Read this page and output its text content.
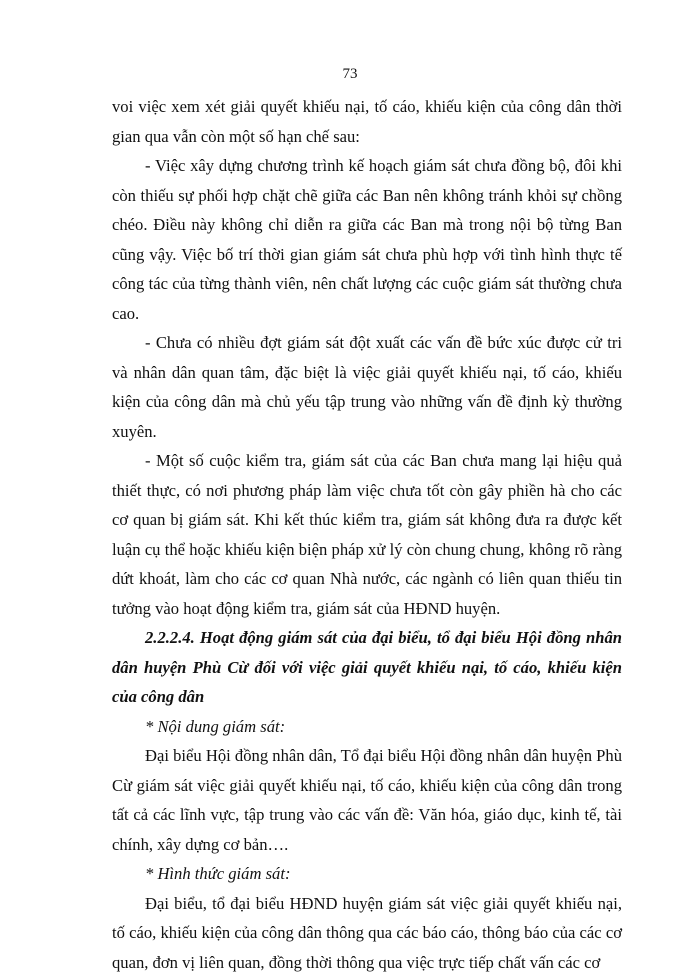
73

voi việc xem xét giải quyết khiếu nại, tố cáo, khiếu kiện của công dân thời gian qua vẫn còn một số hạn chế sau:

- Việc xây dựng chương trình kế hoạch giám sát chưa đồng bộ, đôi khi còn thiếu sự phối hợp chặt chẽ giữa các Ban nên không tránh khỏi sự chồng chéo. Điều này không chỉ diễn ra giữa các Ban mà trong nội bộ từng Ban cũng vậy. Việc bố trí thời gian giám sát chưa phù hợp với tình hình thực tế công tác của từng thành viên, nên chất lượng các cuộc giám sát thường chưa cao.

- Chưa có nhiều đợt giám sát đột xuất các vấn đề bức xúc được cử tri và nhân dân quan tâm, đặc biệt là việc giải quyết khiếu nại, tố cáo, khiếu kiện của công dân mà chủ yếu tập trung vào những vấn đề định kỳ thường xuyên.

- Một số cuộc kiểm tra, giám sát của các Ban chưa mang lại hiệu quả thiết thực, có nơi phương pháp làm việc chưa tốt còn gây phiền hà cho các cơ quan bị giám sát. Khi kết thúc kiểm tra, giám sát không đưa ra được kết luận cụ thể hoặc khiếu kiện biện pháp xử lý còn chung chung, không rõ ràng dứt khoát, làm cho các cơ quan Nhà nước, các ngành có liên quan thiếu tin tưởng vào hoạt động kiểm tra, giám sát của HĐND huyện.

2.2.2.4. Hoạt động giám sát của đại biểu, tổ đại biểu Hội đồng nhân dân huyện Phù Cừ đối với việc giải quyết khiếu nại, tố cáo, khiếu kiện của công dân

* Nội dung giám sát:

Đại biểu Hội đồng nhân dân, Tổ đại biểu Hội đồng nhân dân huyện Phù Cừ giám sát việc giải quyết khiếu nại, tố cáo, khiếu kiện của công dân trong tất cả các lĩnh vực, tập trung vào các vấn đề: Văn hóa, giáo dục, kinh tế, tài chính, xây dựng cơ bản….

* Hình thức giám sát:

Đại biểu, tổ đại biểu HĐND huyện giám sát việc giải quyết khiếu nại, tố cáo, khiếu kiện của công dân thông qua các báo cáo, thông báo của các cơ quan, đơn vị liên quan, đồng thời thông qua việc trực tiếp chất vấn các cơ
